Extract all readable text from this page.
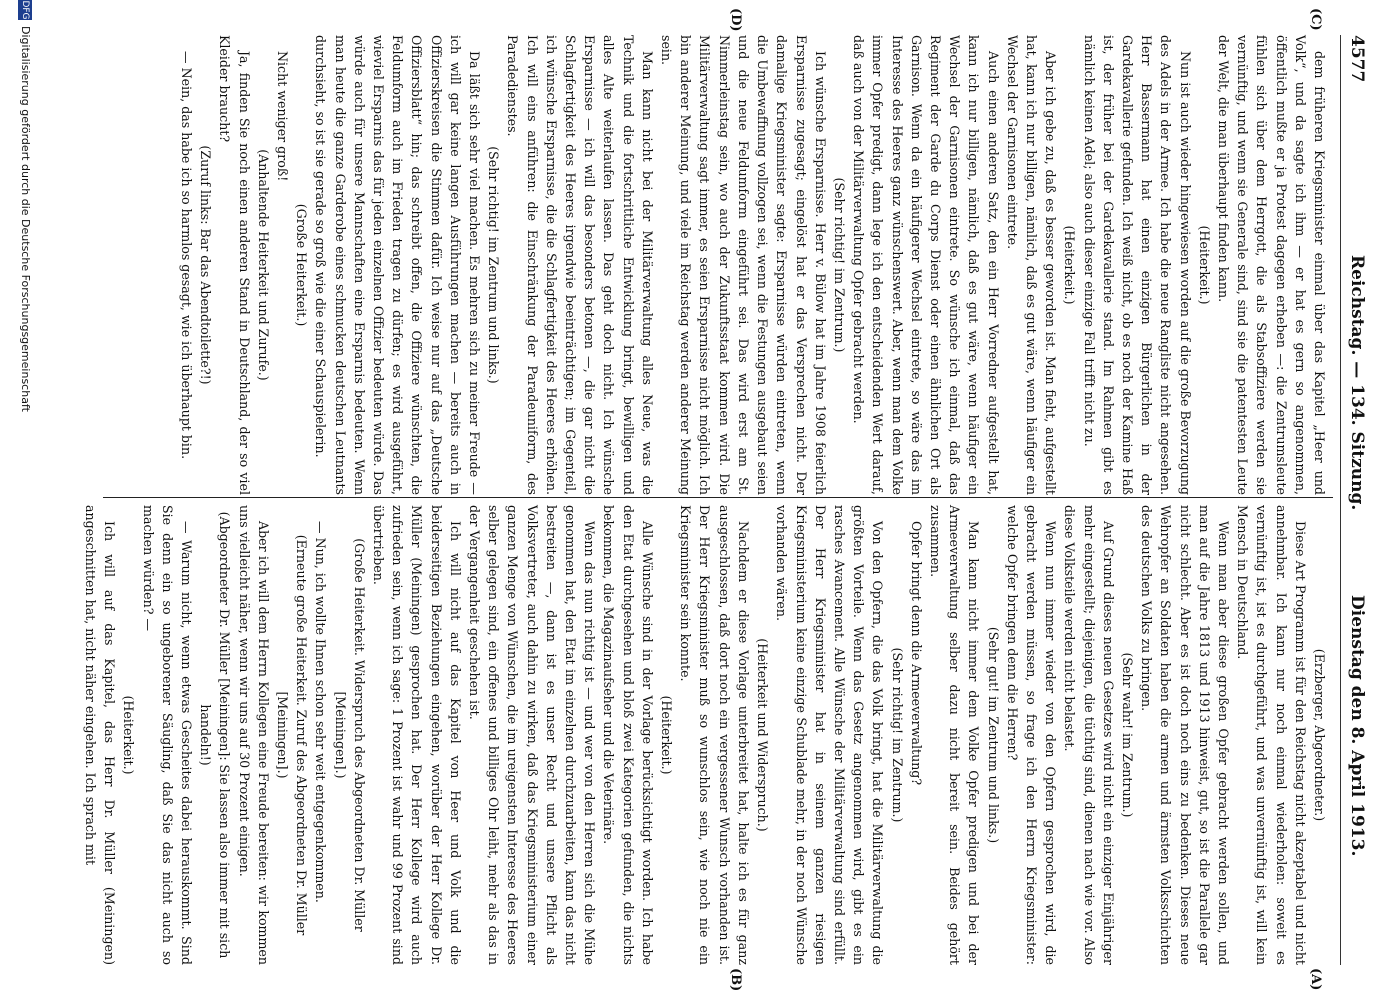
4577
Reichstag. — 134. Sitzung.
Dienstag den 8. April 1913.
(C)
(D)
(A)
(B)

dem früheren Kriegsminister einmal über das Kapitel „Heer und Volk“, und da sagte ich ihm — er hat es gern so angenommen, öffentlich mußte er ja Protest dagegen erheben —: die Zentrumsleute fühlen sich über dem Herrgott, die als Stabsoffiziere werden sie vernünftig, und wenn sie Generale sind, sind sie die patentesten Leute der Welt, die man überhaupt finden kann.

(Heiterkeit.)

Nun ist auch wieder hingewiesen worden auf die große Bevorzugung des Adels in der Armee. Ich habe die neue Rangliste nicht angesehen. Herr Bassermann hat einen einzigen Bürgerlichen in der Gardekavallerie gefunden. Ich weiß nicht, ob es noch der Kamine Haß ist, der früher bei der Gardekavallerie stand. Im Rahmen gibt es nämlich keinen Adel; also auch dieser einzige Fall trifft nicht zu.

(Heiterkeit.)

Aber ich gebe zu, daß es besser geworden ist. Man fieht, aufgestellt hat, kann ich nur billigen, nämlich, daß es gut wäre, wenn häufiger ein Wechsel der Garnisonen eintrete.

Auch einen anderen Satz, den ein Herr Vorredner aufgestellt hat, kann ich nur billigen, nämlich, daß es gut wäre, wenn häufiger ein Wechsel der Garnisonen eintrete. So wünsche ich einmal, daß das Regiment der Garde du Corps Dienst oder einen ähnlichen Ort als Garnison. Wenn da ein häufigerer Wechsel eintrete, so wäre das im Interesse des Heeres ganz wünschenswert. Aber, wenn man dem Volke immer Opfer predigt, dann lege ich den entscheidenden Wert darauf, daß auch von der Militärverwaltung Opfer gebracht werden.

(Sehr richtig! im Zentrum.)

Ich wünsche Ersparnisse. Herr v. Bülow hat im Jahre 1908 feierlich Ersparnisse zugesagt; eingelöst hat er das Versprechen nicht. Der damalige Kriegsminister sagte: Ersparnisse würden eintreten, wenn die Umbewaffnung vollzogen sei, wenn die Festungen ausgebaut seien und die neue Feldumform eingeführt sei. Das wird erst am St. Nimmerleinstag sein, wo auch der Zukunftsstaat kommen wird. Die Militärverwaltung sagt immer, es seien Ersparnisse nicht möglich. Ich bin anderer Meinung, und viele im Reichstag werden anderer Meinung sein.

Man kann nicht bei der Militärverwaltung alles Neue, was die Technik und die fortschrittliche Entwicklung bringt, bewilligen und alles Alte weiterlaufen lassen. Das geht doch nicht. Ich wünsche Ersparnisse — ich will das besonders betonen —, die gar nicht die Schlagfertigkeit des Heeres irgendwie beeinträchtigen; im Gegenteil, ich wünsche Ersparnisse, die die Schlagfertigkeit des Heeres erhöhen. Ich will eins anführen: die Einschränkung der Paradeuniform, des Paradedienstes.

(Sehr richtig! im Zentrum und links.)

Da läßt sich sehr viel machen. Es mehren sich zu meiner Freude — ich will gar keine langen Ausführungen machen — bereits auch in Offizierskreisen die Stimmen dafür. Ich weise nur auf das „Deutsche Offiziersblatt“ hin; das schreibt offen, die Offiziere wünschten, die Feldumform auch im Frieden tragen zu dürfen; es wird ausgeführt, wieviel Ersparnis das für jeden einzelnen Offizier bedeuten würde. Das würde auch für unsere Mannschaften eine Ersparnis bedeuten. Wenn man heute die ganze Garderobe eines schmucken deutschen Leutnants durchsieht, so ist sie gerade so groß wie die einer Schauspielerin.

(Große Heiterkeit.)

Nicht weniger groß!

(Anhaltende Heiterkeit und Zurufe.)

Ja, finden Sie noch einen anderen Stand in Deutschland, der so viel Kleider braucht?

(Zuruf links: Bar das Abendtoilette?!)

— Nein, das habe ich so harmlos gesagt, wie ich überhaupt bin.

(Erzberger, Abgeordneter.)

Diese Art Programm ist für den Reichstag nicht akzeptabel und nicht annehmbar. Ich kann nur noch einmal wiederholen: soweit es vernünftig ist, ist es durchgeführt, und was unvernünftig ist, will kein Mensch in Deutschland.

Wenn man aber diese großen Opfer gebracht werden sollen, und man auf die Jahre 1813 und 1913 hinweist, gut, so ist die Parallele gar nicht schlecht. Aber es ist doch noch eins zu bedenken. Dieses neue Wehropfer an Soldaten haben die armen und ärmsten Volksschichten des deutschen Volks zu bringen.

(Sehr wahr! im Zentrum.)

Auf Grund dieses neuen Gesetzes wird nicht ein einziger Einjähriger mehr eingestellt; diejenigen, die tüchtig sind, dienen nach wie vor. Also diese Volksteile werden nicht belastet.

Wenn nun immer wieder von den Opfern gesprochen wird, die gebracht werden müssen, so frage ich den Herrn Kriegsminister: welche Opfer bringen denn die Herren?

(Sehr gut! im Zentrum und links.)

Man kann nicht immer dem Volke Opfer predigen und bei der Armeeverwaltung selber dazu nicht bereit sein. Beides gehört zusammen.

Opfer bringt denn die Armeeverwaltung?

(Sehr richtig! im Zentrum.)

Von den Opfern, die das Volk bringt, hat die Militärverwaltung die größten Vorteile. Wenn das Gesetz angenommen wird, gibt es ein rasches Avancement. Alle Wünsche der Militärverwaltung sind erfüllt. Der Herr Kriegsminister hat in seinem ganzen riesigen Kriegsministerium keine einzige Schublade mehr, in der noch Wünsche vorhanden wären.

(Heiterkeit und Widerspruch.)

Nachdem er diese Vorlage unterbreitet hat, halte ich es für ganz ausgeschlossen, daß dort noch ein vergessener Wunsch vorhanden ist. Der Herr Kriegsminister muß so wunschlos sein, wie noch nie ein Kriegsminister sein konnte.

(Heiterkeit.)

Alle Wünsche sind in der Vorlage berücksichtigt worden. Ich habe den Etat durchgesehen und bloß zwei Kategorien gefunden, die nichts bekommen, die Magazinaufseher und die Veterinäre.

Wenn das nun richtig ist — und wer von den Herren sich die Mühe genommen hat, den Etat im einzelnen durchzuarbeiten, kann das nicht bestreiten —, dann ist es unser Recht und unsere Pflicht als Volksvertreter, auch dahin zu wirken, daß das Kriegsministerium einer ganzen Menge von Wünschen, die im ureigensten Interesse des Heeres selber gelegen sind, ein offenes und billiges Ohr leiht, mehr als das in der Vergangenheit geschehen ist.

Ich will nicht auf das Kapitel von Heer und Volk und die beiderseitigen Beziehungen eingehen, worüber der Herr Kollege Dr. Müller (Meiningen) gesprochen hat. Der Herr Kollege wird auch zufrieden sein, wenn ich sage: 1 Prozent ist wahr und 99 Prozent sind übertrieben.

(Große Heiterkeit. Widerspruch des Abgeordneten Dr. Müller [Meiningen].)

— Nun, ich wollte Ihnen schon sehr weit entgegenkommen.

(Erneute große Heiterkeit. Zuruf des Abgeordneten Dr. Müller [Meiningen].)

Aber ich will dem Herrn Kollegen eine Freude bereiten: wir kommen uns vielleicht näher, wenn wir uns auf 30 Prozent einigen.

(Abgeordneter Dr. Müller [Meiningen]: Sie lassen also immer mit sich handeln!)

— Warum nicht, wenn etwas Gescheites dabei herauskommt. Sind Sie denn ein so ungeborener Säugling, daß Sie das nicht auch so machen würden? —

(Heiterkeit.)

Ich will auf das Kapitel, das Herr Dr. Müller (Meiningen) angeschnitten hat, nicht näher eingehen. Ich sprach mit

DFG
Digitalisierung gefördert durch die Deutsche Forschungsgemeinschaft
